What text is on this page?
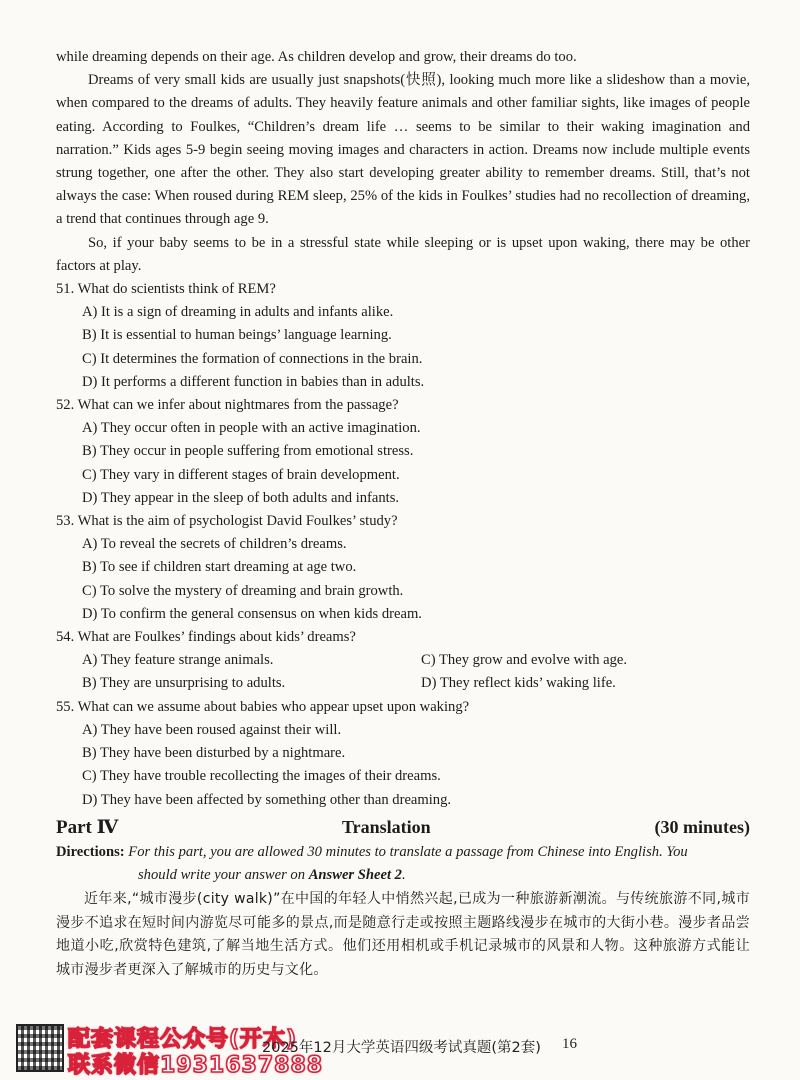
while dreaming depends on their age. As children develop and grow, their dreams do too.

Dreams of very small kids are usually just snapshots(快照), looking much more like a slideshow than a movie, when compared to the dreams of adults. They heavily feature animals and other familiar sights, like images of people eating. According to Foulkes, “Children’s dream life … seems to be similar to their waking imagination and narration.” Kids ages 5-9 begin seeing moving images and characters in action. Dreams now include multiple events strung together, one after the other. They also start developing greater ability to remember dreams. Still, that’s not always the case: When roused during REM sleep, 25% of the kids in Foulkes’ studies had no recollection of dreaming, a trend that continues through age 9.

So, if your baby seems to be in a stressful state while sleeping or is upset upon waking, there may be other factors at play.

51. What do scientists think of REM?

A) It is a sign of dreaming in adults and infants alike.

B) It is essential to human beings’ language learning.

C) It determines the formation of connections in the brain.

D) It performs a different function in babies than in adults.

52. What can we infer about nightmares from the passage?

A) They occur often in people with an active imagination.

B) They occur in people suffering from emotional stress.

C) They vary in different stages of brain development.

D) They appear in the sleep of both adults and infants.

53. What is the aim of psychologist David Foulkes’ study?

A) To reveal the secrets of children’s dreams.

B) To see if children start dreaming at age two.

C) To solve the mystery of dreaming and brain growth.

D) To confirm the general consensus on when kids dream.

54. What are Foulkes’ findings about kids’ dreams?

A) They feature strange animals.	C) They grow and evolve with age.

B) They are unsurprising to adults.	D) They reflect kids’ waking life.

55. What can we assume about babies who appear upset upon waking?

A) They have been roused against their will.

B) They have been disturbed by a nightmare.

C) They have trouble recollecting the images of their dreams.

D) They have been affected by something other than dreaming.

Part Ⅳ	Translation	(30 minutes)

Directions: For this part, you are allowed 30 minutes to translate a passage from Chinese into English. You

should write your answer on Answer Sheet 2.

近年来,“城市漫步(city walk)”在中国的年轻人中悄然兴起,已成为一种旅游新潮流。与传统旅游不同,城市漫步不追求在短时间内游览尽可能多的景点,而是随意行走或按照主题路线漫步在城市的大街小巷。漫步者品尝地道小吃,欣赏特色建筑,了解当地生活方式。他们还用相机或手机记录城市的风景和人物。这种旅游方式能让城市漫步者更深入了解城市的历史与文化。

配套课程公众号(开木)
联系微信1931637888
2025年12月大学英语四级考试真题(第2套) 16
